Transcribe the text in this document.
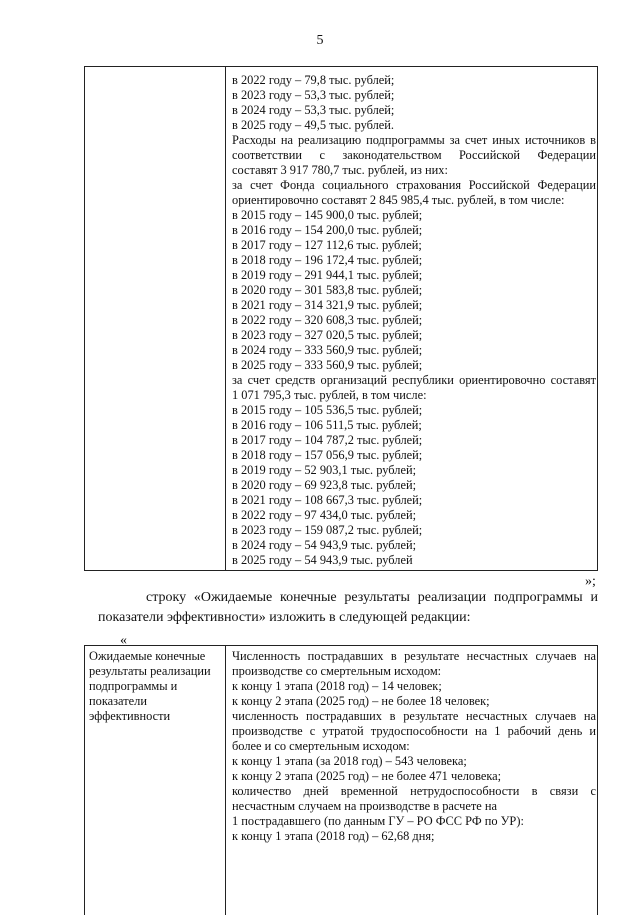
5
в 2022 году – 79,8 тыс. рублей;
в 2023 году – 53,3 тыс. рублей;
в 2024 году – 53,3 тыс. рублей;
в 2025 году – 49,5 тыс. рублей.
Расходы на реализацию подпрограммы за счет иных источников в
соответствии с законодательством Российской Федерации
составят 3 917 780,7 тыс. рублей, из них:
за счет Фонда социального страхования Российской Федерации
ориентировочно составят 2 845 985,4 тыс. рублей, в том числе:
в 2015 году – 145 900,0 тыс. рублей;
в 2016 году – 154 200,0 тыс. рублей;
в 2017 году – 127 112,6 тыс. рублей;
в 2018 году – 196 172,4 тыс. рублей;
в 2019 году – 291 944,1 тыс. рублей;
в 2020 году – 301 583,8 тыс. рублей;
в 2021 году – 314 321,9 тыс. рублей;
в 2022 году – 320 608,3 тыс. рублей;
в 2023 году – 327 020,5 тыс. рублей;
в 2024 году – 333 560,9 тыс. рублей;
в 2025 году – 333 560,9 тыс. рублей;
за счет средств организаций республики ориентировочно составят
1 071 795,3 тыс. рублей, в том числе:
в 2015 году – 105 536,5 тыс. рублей;
в 2016 году – 106 511,5 тыс. рублей;
в 2017 году – 104 787,2 тыс. рублей;
в 2018 году – 157 056,9 тыс. рублей;
в 2019 году – 52 903,1 тыс. рублей;
в 2020 году – 69 923,8 тыс. рублей;
в 2021 году – 108 667,3 тыс. рублей;
в 2022 году – 97 434,0 тыс. рублей;
в 2023 году – 159 087,2 тыс. рублей;
в 2024 году – 54 943,9 тыс. рублей;
в 2025 году – 54 943,9 тыс. рублей
»;
строку «Ожидаемые конечные результаты реализации подпрограммы и
показатели эффективности» изложить в следующей редакции:
«
Ожидаемые конечные
результаты реализации
подпрограммы и
показатели
эффективности
Численность пострадавших в результате несчастных случаев на
производстве со смертельным исходом:
к концу 1 этапа (2018 год) – 14 человек;
к концу 2 этапа (2025 год) – не более 18 человек;
численность пострадавших в результате несчастных случаев на
производстве с утратой трудоспособности на 1 рабочий день и
более и со смертельным исходом:
к концу 1 этапа (за 2018 год) – 543 человека;
к концу 2 этапа (2025 год) – не более 471 человека;
количество дней временной нетрудоспособности в связи с
несчастным случаем на производстве в расчете на
1 пострадавшего (по данным ГУ – РО ФСС РФ по УР):
к концу 1 этапа (2018 год) – 62,68 дня;
